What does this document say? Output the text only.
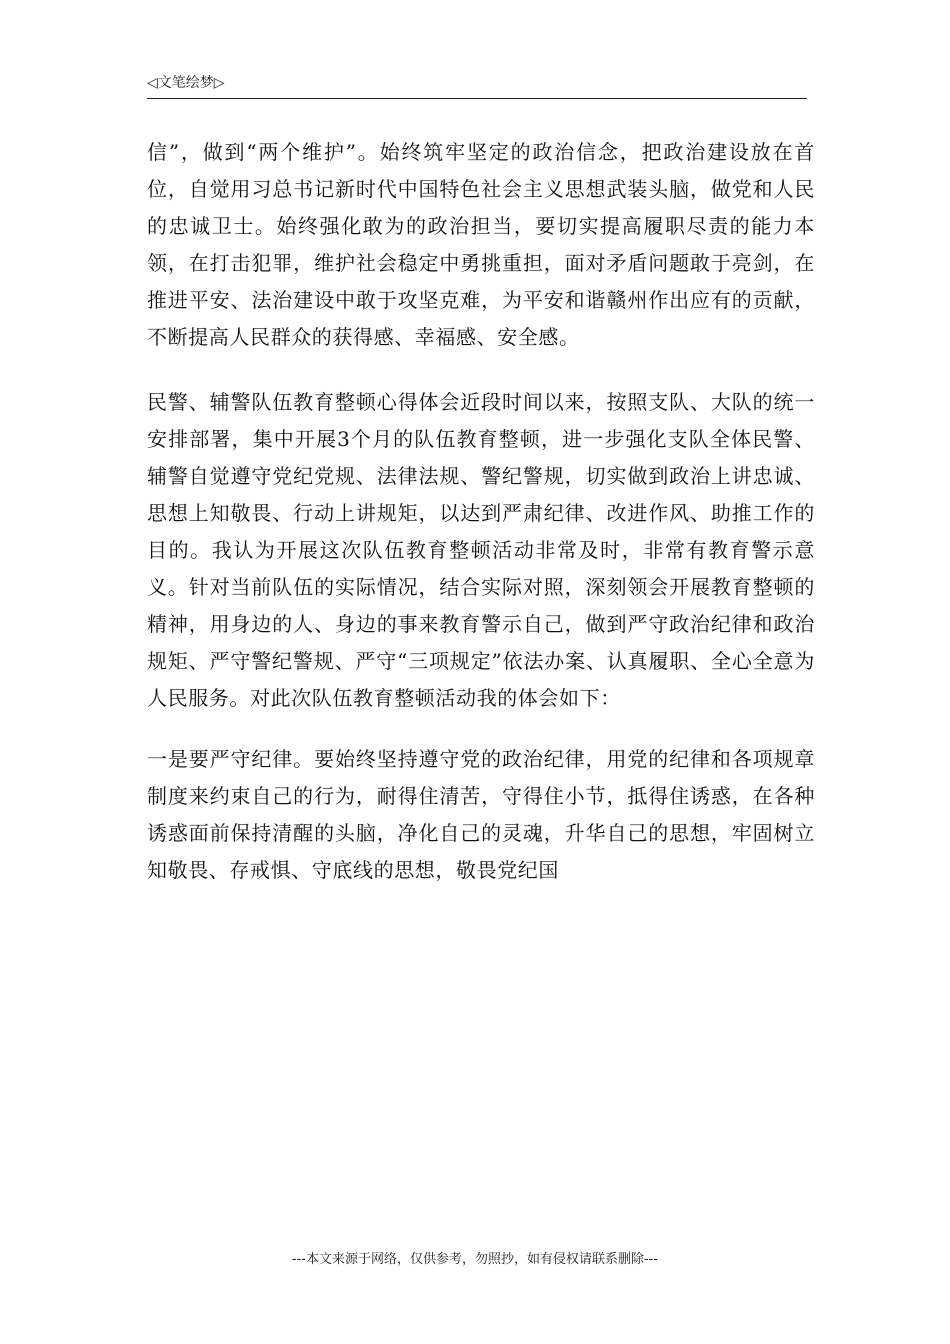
◁文笔绘梦▷

信”，做到“两个维护”。始终筑牢坚定的政治信念，把政治建设放在首位，自觉用习总书记新时代中国特色社会主义思想武装头脑，做党和人民的忠诚卫士。始终强化敢为的政治担当，要切实提高履职尽责的能力本领，在打击犯罪，维护社会稳定中勇挑重担，面对矛盾问题敢于亮剑，在推进平安、法治建设中敢于攻坚克难，为平安和谐赣州作出应有的贡献，不断提高人民群众的获得感、幸福感、安全感。

民警、辅警队伍教育整顿心得体会近段时间以来，按照支队、大队的统一安排部署，集中开展3个月的队伍教育整顿，进一步强化支队全体民警、辅警自觉遵守党纪党规、法律法规、警纪警规，切实做到政治上讲忠诚、思想上知敬畏、行动上讲规矩，以达到严肃纪律、改进作风、助推工作的目的。我认为开展这次队伍教育整顿活动非常及时，非常有教育警示意义。针对当前队伍的实际情况，结合实际对照，深刻领会开展教育整顿的精神，用身边的人、身边的事来教育警示自己，做到严守政治纪律和政治规矩、严守警纪警规、严守“三项规定”依法办案、认真履职、全心全意为人民服务。对此次队伍教育整顿活动我的体会如下：

一是要严守纪律。要始终坚持遵守党的政治纪律，用党的纪律和各项规章制度来约束自己的行为，耐得住清苦，守得住小节，抵得住诱惑，在各种诱惑面前保持清醒的头脑，净化自己的灵魂，升华自己的思想，牢固树立知敬畏、存戒惧、守底线的思想，敬畏党纪国

---本文来源于网络，仅供参考，勿照抄，如有侵权请联系删除---
